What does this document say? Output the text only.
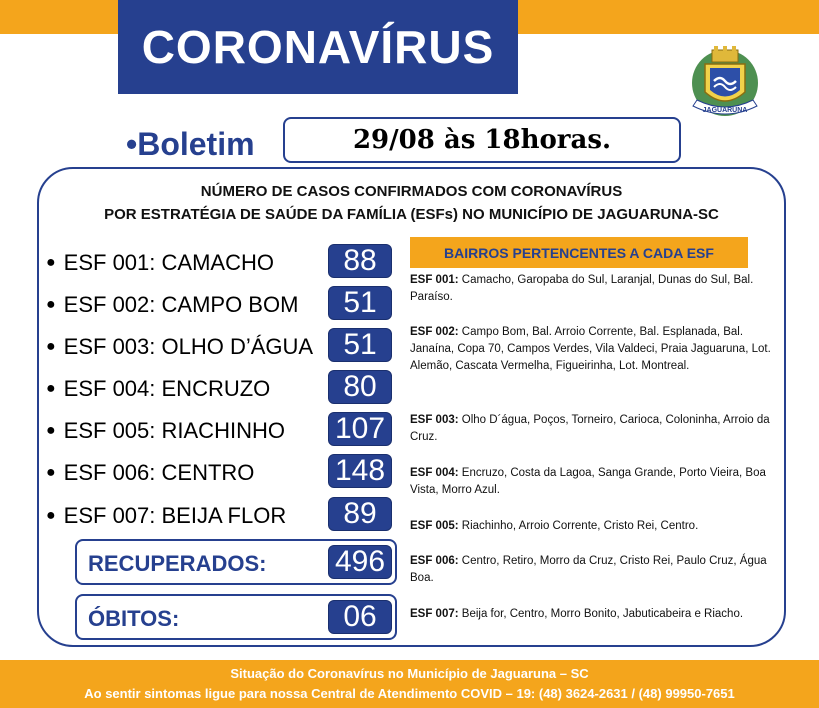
CORONAVÍRUS
JAGUARUNA
•Boletim	29/08 às 18horas.
NÚMERO DE CASOS CONFIRMADOS COM CORONAVÍRUS
POR ESTRATÉGIA DE SAÚDE DA FAMÍLIA (ESFs) NO MUNICÍPIO DE JAGUARUNA-SC
● ESF 001: CAMACHO	88
● ESF 002: CAMPO BOM	51
● ESF 003: OLHO D’ÁGUA	51
● ESF 004: ENCRUZO	80
● ESF 005: RIACHINHO 107
● ESF 006: CENTRO	148
● ESF 007: BEIJA FLOR	89
RECUPERADOS: 496
ÓBITOS:	06
BAIRROS PERTENCENTES A CADA ESF
ESF 001: Camacho, Garopaba do Sul, Laranjal, Dunas do Sul, Bal. Paraíso.
ESF 002: Campo Bom, Bal. Arroio Corrente, Bal. Esplanada, Bal. Janaína, Copa 70, Campos Verdes, Vila Valdeci, Praia Jaguaruna, Lot. Alemão, Cascata Vermelha, Figueirinha, Lot. Montreal.
ESF 003: Olho D´água, Poços, Torneiro, Carioca, Coloninha, Arroio da Cruz.
ESF 004: Encruzo, Costa da Lagoa, Sanga Grande, Porto Vieira, Boa Vista, Morro Azul.
ESF 005: Riachinho, Arroio Corrente, Cristo Rei, Centro.
ESF 006: Centro, Retiro, Morro da Cruz, Cristo Rei, Paulo Cruz, Água Boa.
ESF 007: Beija for, Centro, Morro Bonito, Jabuticabeira e Riacho.
Situação do Coronavírus no Município de Jaguaruna – SC
Ao sentir sintomas ligue para nossa Central de Atendimento COVID – 19: (48) 3624-2631 / (48) 99950-7651
